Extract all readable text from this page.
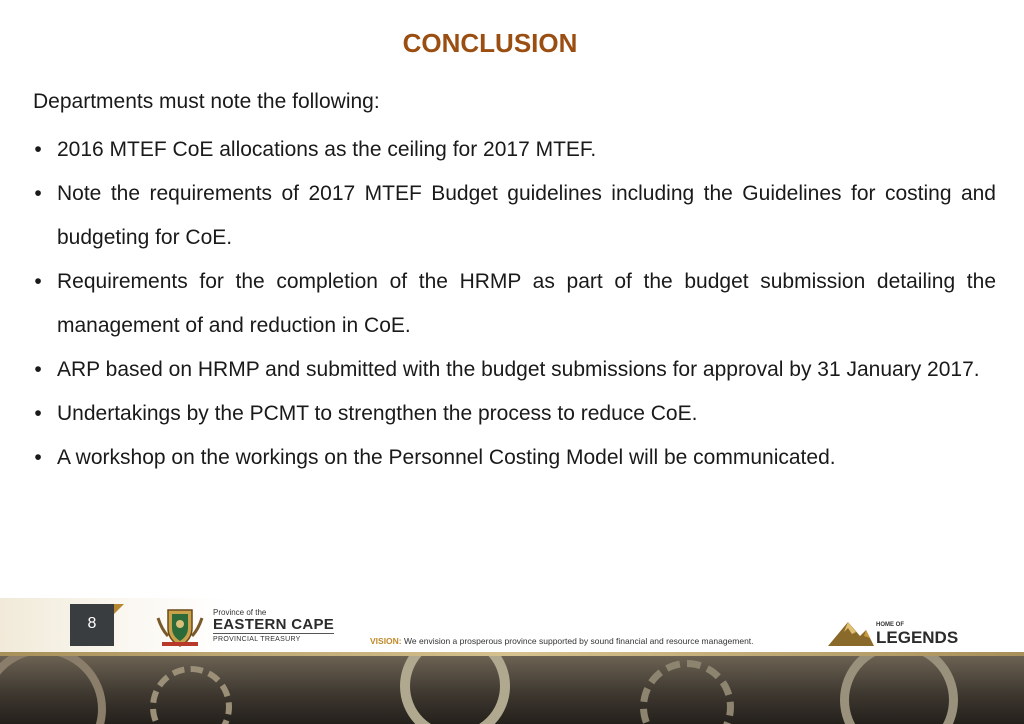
CONCLUSION
Departments must note the following:
• 2016 MTEF CoE allocations as the ceiling for 2017 MTEF.
• Note the requirements of 2017 MTEF Budget guidelines including the Guidelines for costing and budgeting for CoE.
• Requirements for the completion of the HRMP as part of the budget submission detailing the management of and reduction in CoE.
• ARP based on HRMP and submitted with the budget submissions for approval by 31 January 2017.
• Undertakings by the PCMT to strengthen the process to reduce CoE.
• A workshop on the workings on the Personnel Costing Model will be communicated.
8
Province of the
EASTERN CAPE
PROVINCIAL TREASURY	VISION: We envision a prosperous province supported by sound financial and resource management.
HOME OF
LEGENDS
